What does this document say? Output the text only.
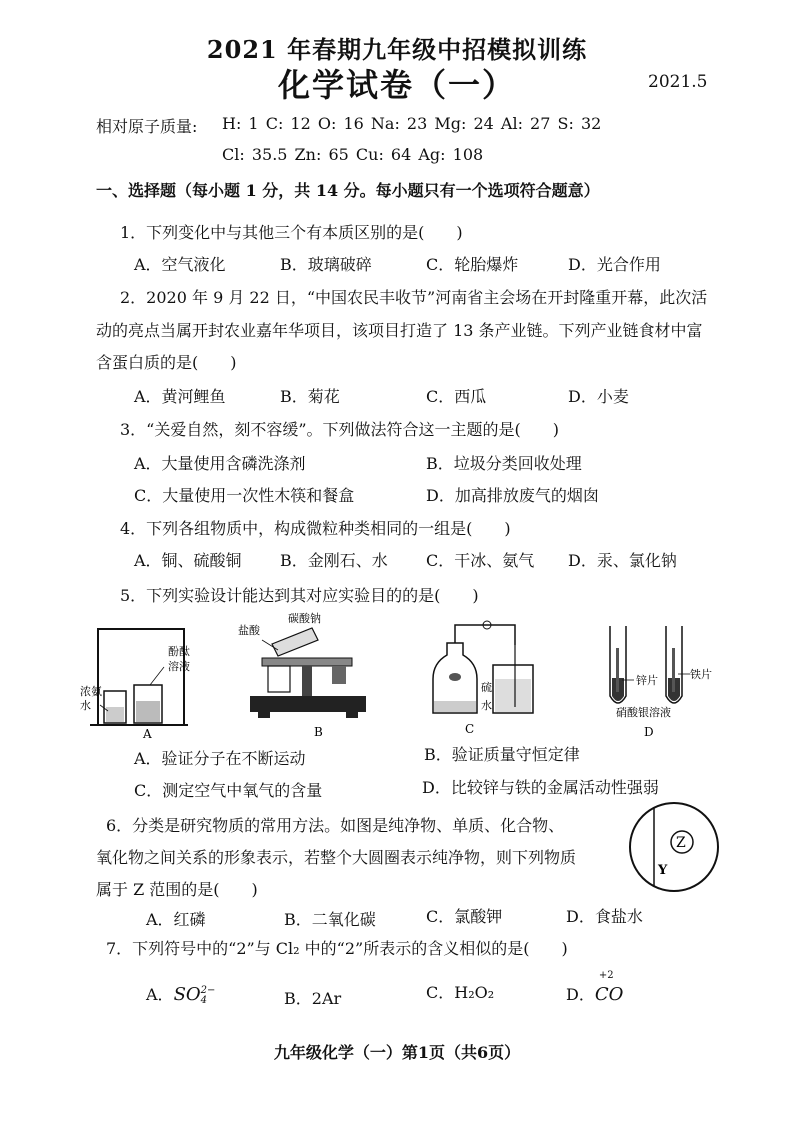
2021 年春期九年级中招模拟训练
化学试卷（一）	2021.5
相对原子质量: H: 1 C: 12 O: 16 Na: 23 Mg: 24 Al: 27 S: 32
Cl: 35.5 Zn: 65 Cu: 64 Ag: 108
一、选择题（每小题 1 分，共 14 分。每小题只有一个选项符合题意）
1．下列变化中与其他三个有本质区别的是(　　)
A．空气液化	B．玻璃破碎	C．轮胎爆炸	D．光合作用
2．2020 年 9 月 22 日，“中国农民丰收节”河南省主会场在开封隆重开幕，此次活
动的亮点当属开封农业嘉年华项目，该项目打造了 13 条产业链。下列产业链食材中富
含蛋白质的是(　　)
A．黄河鲤鱼	B．菊花	C．西瓜	D．小麦
3．“关爱自然，刻不容缓”。下列做法符合这一主题的是(　　)
A．大量使用含磷洗涤剂	B．垃圾分类回收处理
C．大量使用一次性木筷和餐盒	D．加高排放废气的烟囱
4．下列各组物质中，构成微粒种类相同的一组是(　　)
A．铜、硫酸铜 B．金刚石、水 C．干冰、氨气 D．汞、氯化钠
5．下列实验设计能达到其对应实验目的的是(　　)
酚酞
溶液
浓氨
水
A
盐酸
碳酸钠
B
硫
水
C
锌片	铁片
硝酸银溶液
D
A．验证分子在不断运动	B．验证质量守恒定律
C．测定空气中氧气的含量	D．比较锌与铁的金属活动性强弱
6．分类是研究物质的常用方法。如图是纯净物、单质、化合物、
氧化物之间关系的形象表示，若整个大圆圈表示纯净物，则下列物质
属于 Z 范围的是(　　)
Z
Y
A．红磷	B．二氧化碳	C．氯酸钾	D．食盐水
7．下列符号中的“2”与 Cl₂ 中的“2”所表示的含义相似的是(　　)
A．SO 2−
4	B．2Ar	C．H₂O₂	D．
+2
CO
九年级化学（一）第1页（共6页）
